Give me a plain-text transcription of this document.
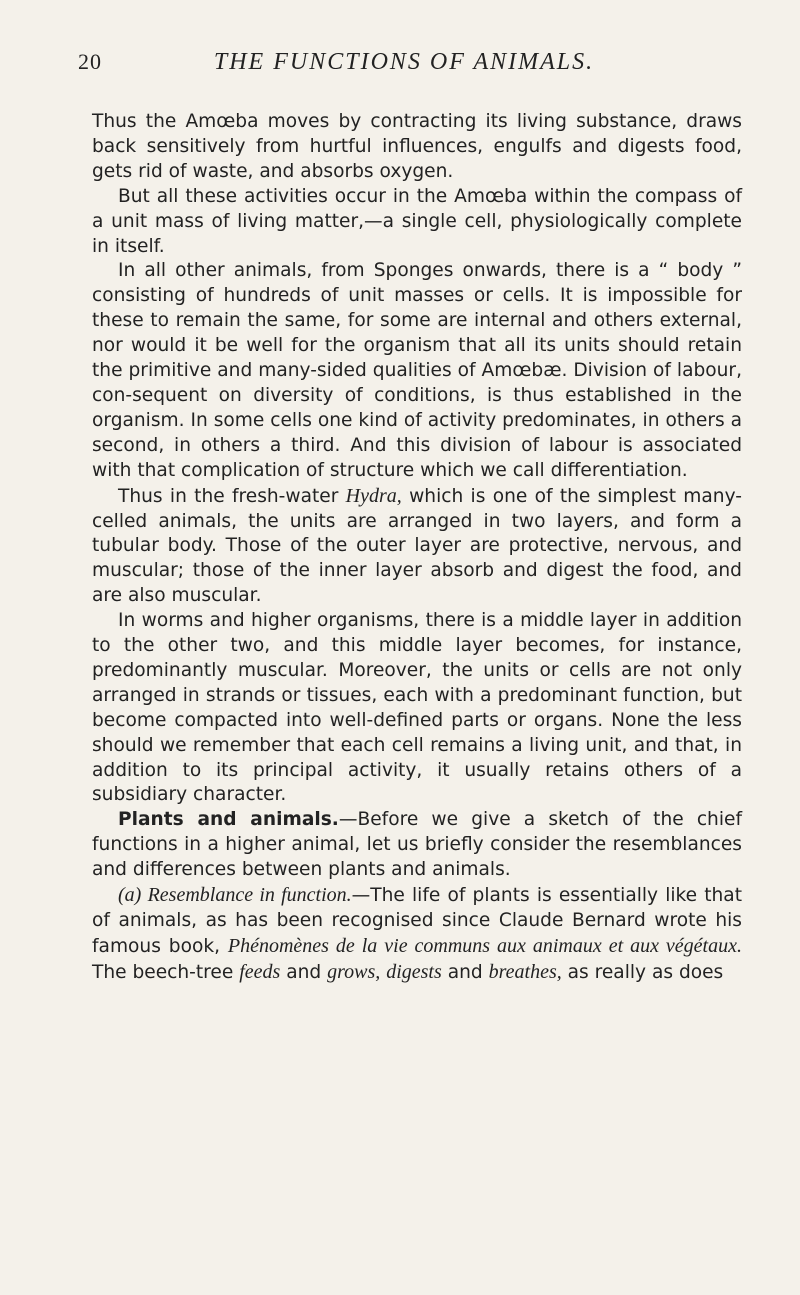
20	THE FUNCTIONS OF ANIMALS.

Thus the Amœba moves by contracting its living substance, draws back sensitively from hurtful influences, engulfs and digests food, gets rid of waste, and absorbs oxygen.

But all these activities occur in the Amœba within the compass of a unit mass of living matter,—a single cell, physiologically complete in itself.

In all other animals, from Sponges onwards, there is a “ body ” consisting of hundreds of unit masses or cells. It is impossible for these to remain the same, for some are internal and others external, nor would it be well for the organism that all its units should retain the primitive and many-sided qualities of Amœbæ. Division of labour, con-sequent on diversity of conditions, is thus established in the organism. In some cells one kind of activity predominates, in others a second, in others a third. And this division of labour is associated with that complication of structure which we call differentiation.

Thus in the fresh-water Hydra, which is one of the simplest many-celled animals, the units are arranged in two layers, and form a tubular body. Those of the outer layer are protective, nervous, and muscular; those of the inner layer absorb and digest the food, and are also muscular.

In worms and higher organisms, there is a middle layer in addition to the other two, and this middle layer becomes, for instance, predominantly muscular. Moreover, the units or cells are not only arranged in strands or tissues, each with a predominant function, but become compacted into well-defined parts or organs. None the less should we remember that each cell remains a living unit, and that, in addition to its principal activity, it usually retains others of a subsidiary character.

Plants and animals.—Before we give a sketch of the chief functions in a higher animal, let us briefly consider the resemblances and differences between plants and animals.

(a) Resemblance in function.—The life of plants is essentially like that of animals, as has been recognised since Claude Bernard wrote his famous book, Phénomènes de la vie communs aux animaux et aux végétaux. The beech-tree feeds and grows, digests and breathes, as really as does
